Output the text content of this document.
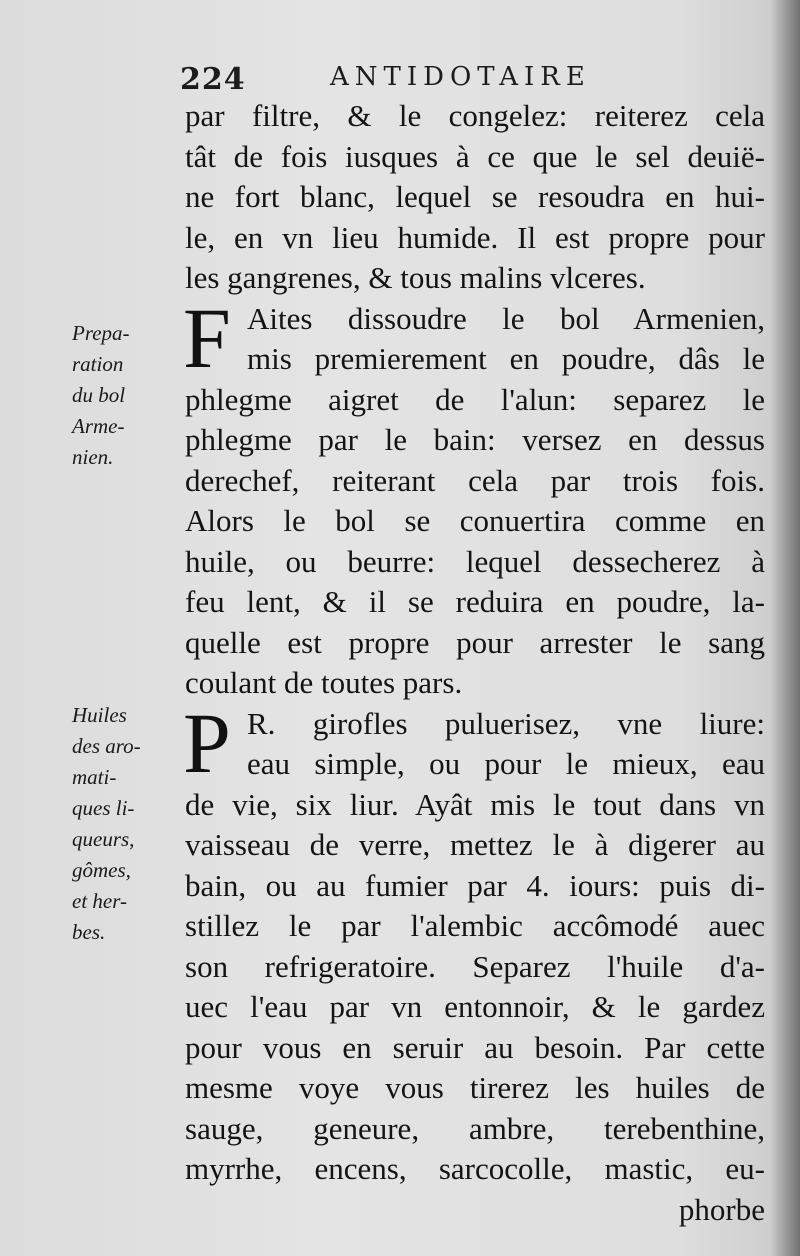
224	ANTIDOTAIRE
par filtre, & le congelez: reiterez cela
tât de fois iusques à ce que le sel deuië-
ne fort blanc, lequel se resoudra en hui-
le, en vn lieu humide. Il est propre pour
les gangrenes, & tous malins vlceres.
Aites dissoudre le bol Armenien,
mis premierement en poudre, dâs le
phlegme aigret de l'alun: separez le
phlegme par le bain: versez en dessus
derechef, reiterant cela par trois fois.
Alors le bol se conuertira comme en
huile, ou beurre: lequel dessecherez à
feu lent, & il se reduira en poudre, la-
quelle est propre pour arrester le sang
coulant de toutes pars.
R. girofles puluerisez, vne liure:
eau simple, ou pour le mieux, eau
de vie, six liur. Ayât mis le tout dans vn
vaisseau de verre, mettez le à digerer au
bain, ou au fumier par 4. iours: puis di-
stillez le par l'alembic accômodé auec
son refrigeratoire. Separez l'huile d'a-
uec l'eau par vn entonnoir, & le gardez
pour vous en seruir au besoin. Par cette
mesme voye vous tirerez les huiles de
sauge, geneure, ambre, terebenthine,
myrrhe, encens, sarcocolle, mastic, eu-
phorbe
F
P
Prepa-
ration
du bol
Arme-
nien.
Huiles
des aro-
mati-
ques li-
queurs,
gômes,
et her-
bes.
